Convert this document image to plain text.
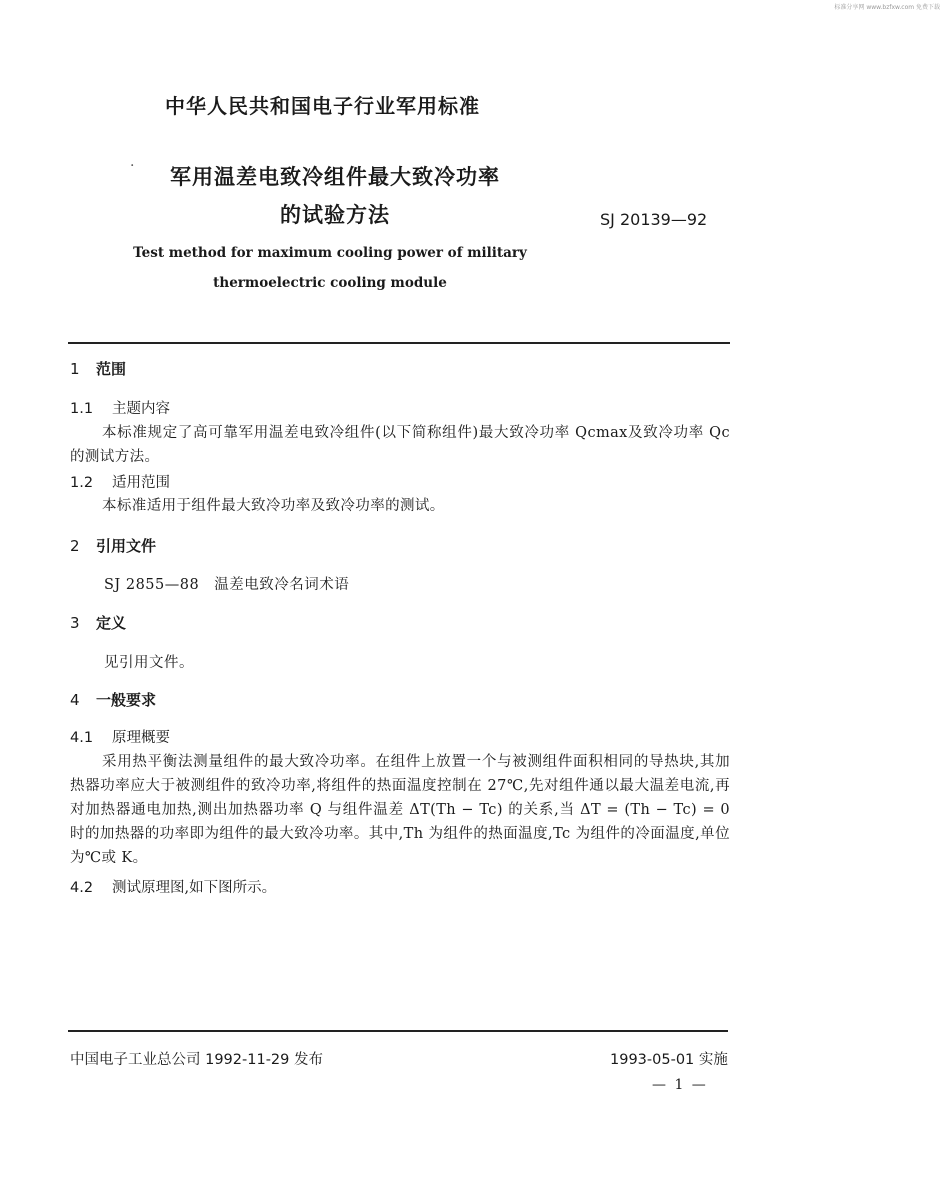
标准分享网 www.bzfxw.com 免费下载
中华人民共和国电子行业军用标准
军用温差电致冷组件最大致冷功率
的试验方法	SJ 20139—92
Test method for maximum cooling power of military
thermoelectric cooling module
1 范围
1.1 主题内容
本标准规定了高可靠军用温差电致冷组件(以下简称组件)最大致冷功率 Qcmax及致冷功率 Qc 的测试方法。
1.2 适用范围
本标准适用于组件最大致冷功率及致冷功率的测试。
2 引用文件
SJ 2855—88　温差电致冷名词术语
3 定义
见引用文件。
4 一般要求
4.1 原理概要
采用热平衡法测量组件的最大致冷功率。在组件上放置一个与被测组件面积相同的导热块,其加热器功率应大于被测组件的致冷功率,将组件的热面温度控制在 27℃,先对组件通以最大温差电流,再对加热器通电加热,测出加热器功率 Q 与组件温差 ΔT(Th − Tc) 的关系,当 ΔT = (Th − Tc) = 0 时的加热器的功率即为组件的最大致冷功率。其中,Th 为组件的热面温度,Tc 为组件的冷面温度,单位为℃或 K。
4.2 测试原理图,如下图所示。
中国电子工业总公司 1992-11-29 发布	1993-05-01 实施
— 1 —
·
